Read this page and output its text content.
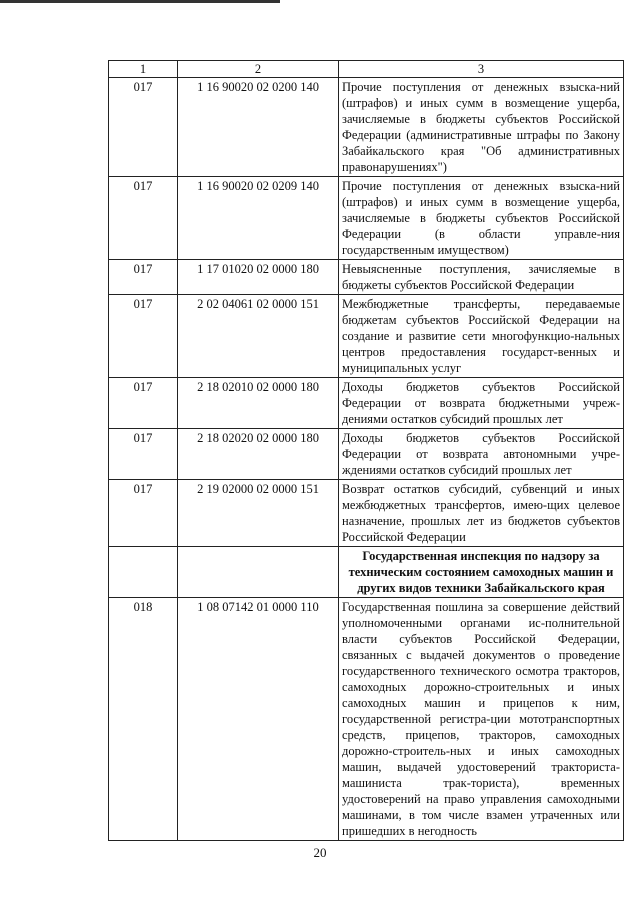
1	2	3
017	1 16 90020 02 0200 140	Прочие поступления от денежных взыска-ний (штрафов) и иных сумм в возмещение ущерба, зачисляемые в бюджеты субъектов Российской Федерации (административные штрафы по Закону Забайкальского края "Об административных правонарушениях")
017	1 16 90020 02 0209 140	Прочие поступления от денежных взыска-ний (штрафов) и иных сумм в возмещение ущерба, зачисляемые в бюджеты субъектов Российской Федерации (в области управле-ния государственным имуществом)
017	1 17 01020 02 0000 180	Невыясненные поступления, зачисляемые в бюджеты субъектов Российской Федерации
017	2 02 04061 02 0000 151	Межбюджетные трансферты, передаваемые бюджетам субъектов Российской Федерации на создание и развитие сети многофункцио-нальных центров предоставления государст-венных и муниципальных услуг
017	2 18 02010 02 0000 180	Доходы бюджетов субъектов Российской Федерации от возврата бюджетными учреж-дениями остатков субсидий прошлых лет
017	2 18 02020 02 0000 180	Доходы бюджетов субъектов Российской Федерации от возврата автономными учре-ждениями остатков субсидий прошлых лет
017	2 19 02000 02 0000 151	Возврат остатков субсидий, субвенций и иных межбюджетных трансфертов, имею-щих целевое назначение, прошлых лет из бюджетов субъектов Российской Федерации
		Государственная инспекция по надзору за техническим состоянием самоходных машин и других видов техники Забайкальского края
018	1 08 07142 01 0000 110	Государственная пошлина за совершение действий уполномоченными органами ис-полнительной власти субъектов Российской Федерации, связанных с выдачей документов о проведение государственного технического осмотра тракторов, самоходных дорожно-строительных и иных самоходных машин и прицепов к ним, государственной регистра-ции мототранспортных средств, прицепов, тракторов, самоходных дорожно-строитель-ных и иных самоходных машин, выдачей удостоверений тракториста-машиниста трак-ториста), временных удостоверений на право управления самоходными машинами, в том числе взамен утраченных или пришедших в негодность
20
